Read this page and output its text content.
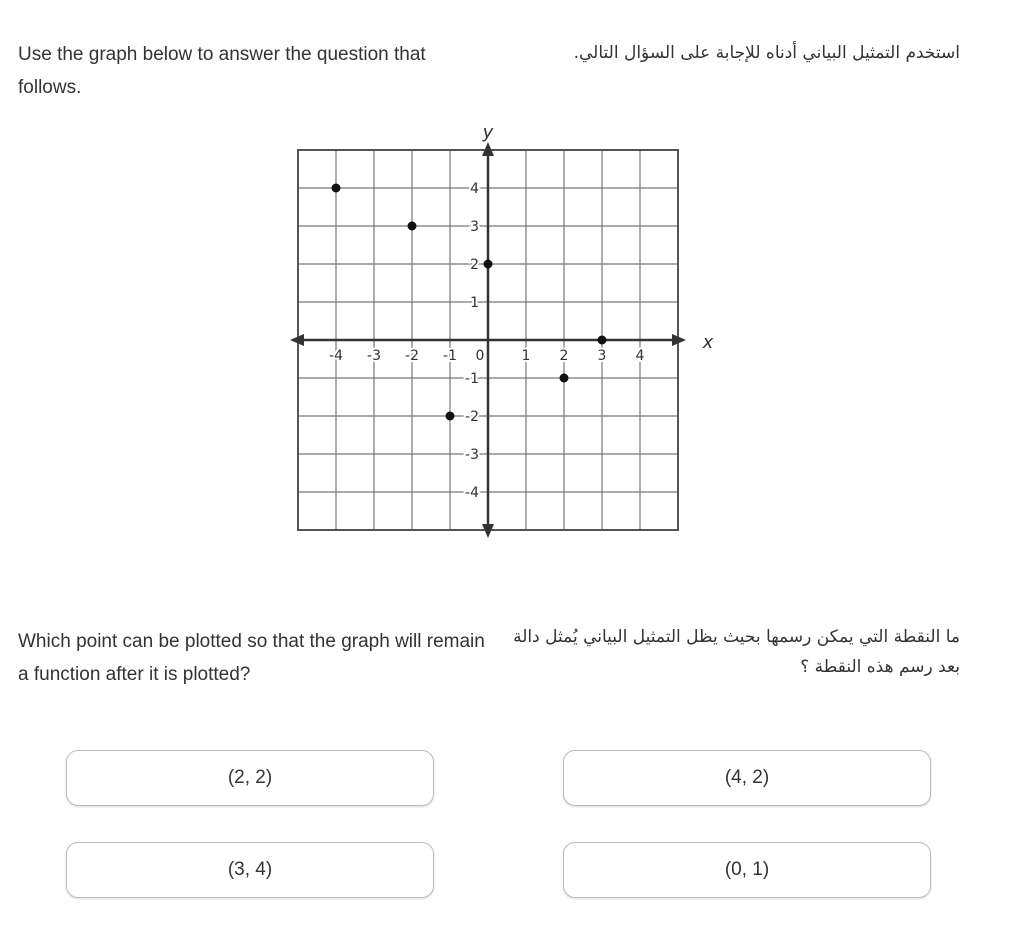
Use the graph below to answer the question that follows.
استخدم التمثيل البياني أدناه للإجابة على السؤال التالي.
y
x
-4 -3 -2 -1 0	1 2 3 4
4
3
2
1
-1
-2
-3
-4
Which point can be plotted so that the graph will remain a function after it is plotted?
ما النقطة التي يمكن رسمها بحيث يظل التمثيل البياني يُمثل دالة بعد رسم هذه النقطة ؟
(2, 2)	(4, 2)
(3, 4)	(0, 1)
